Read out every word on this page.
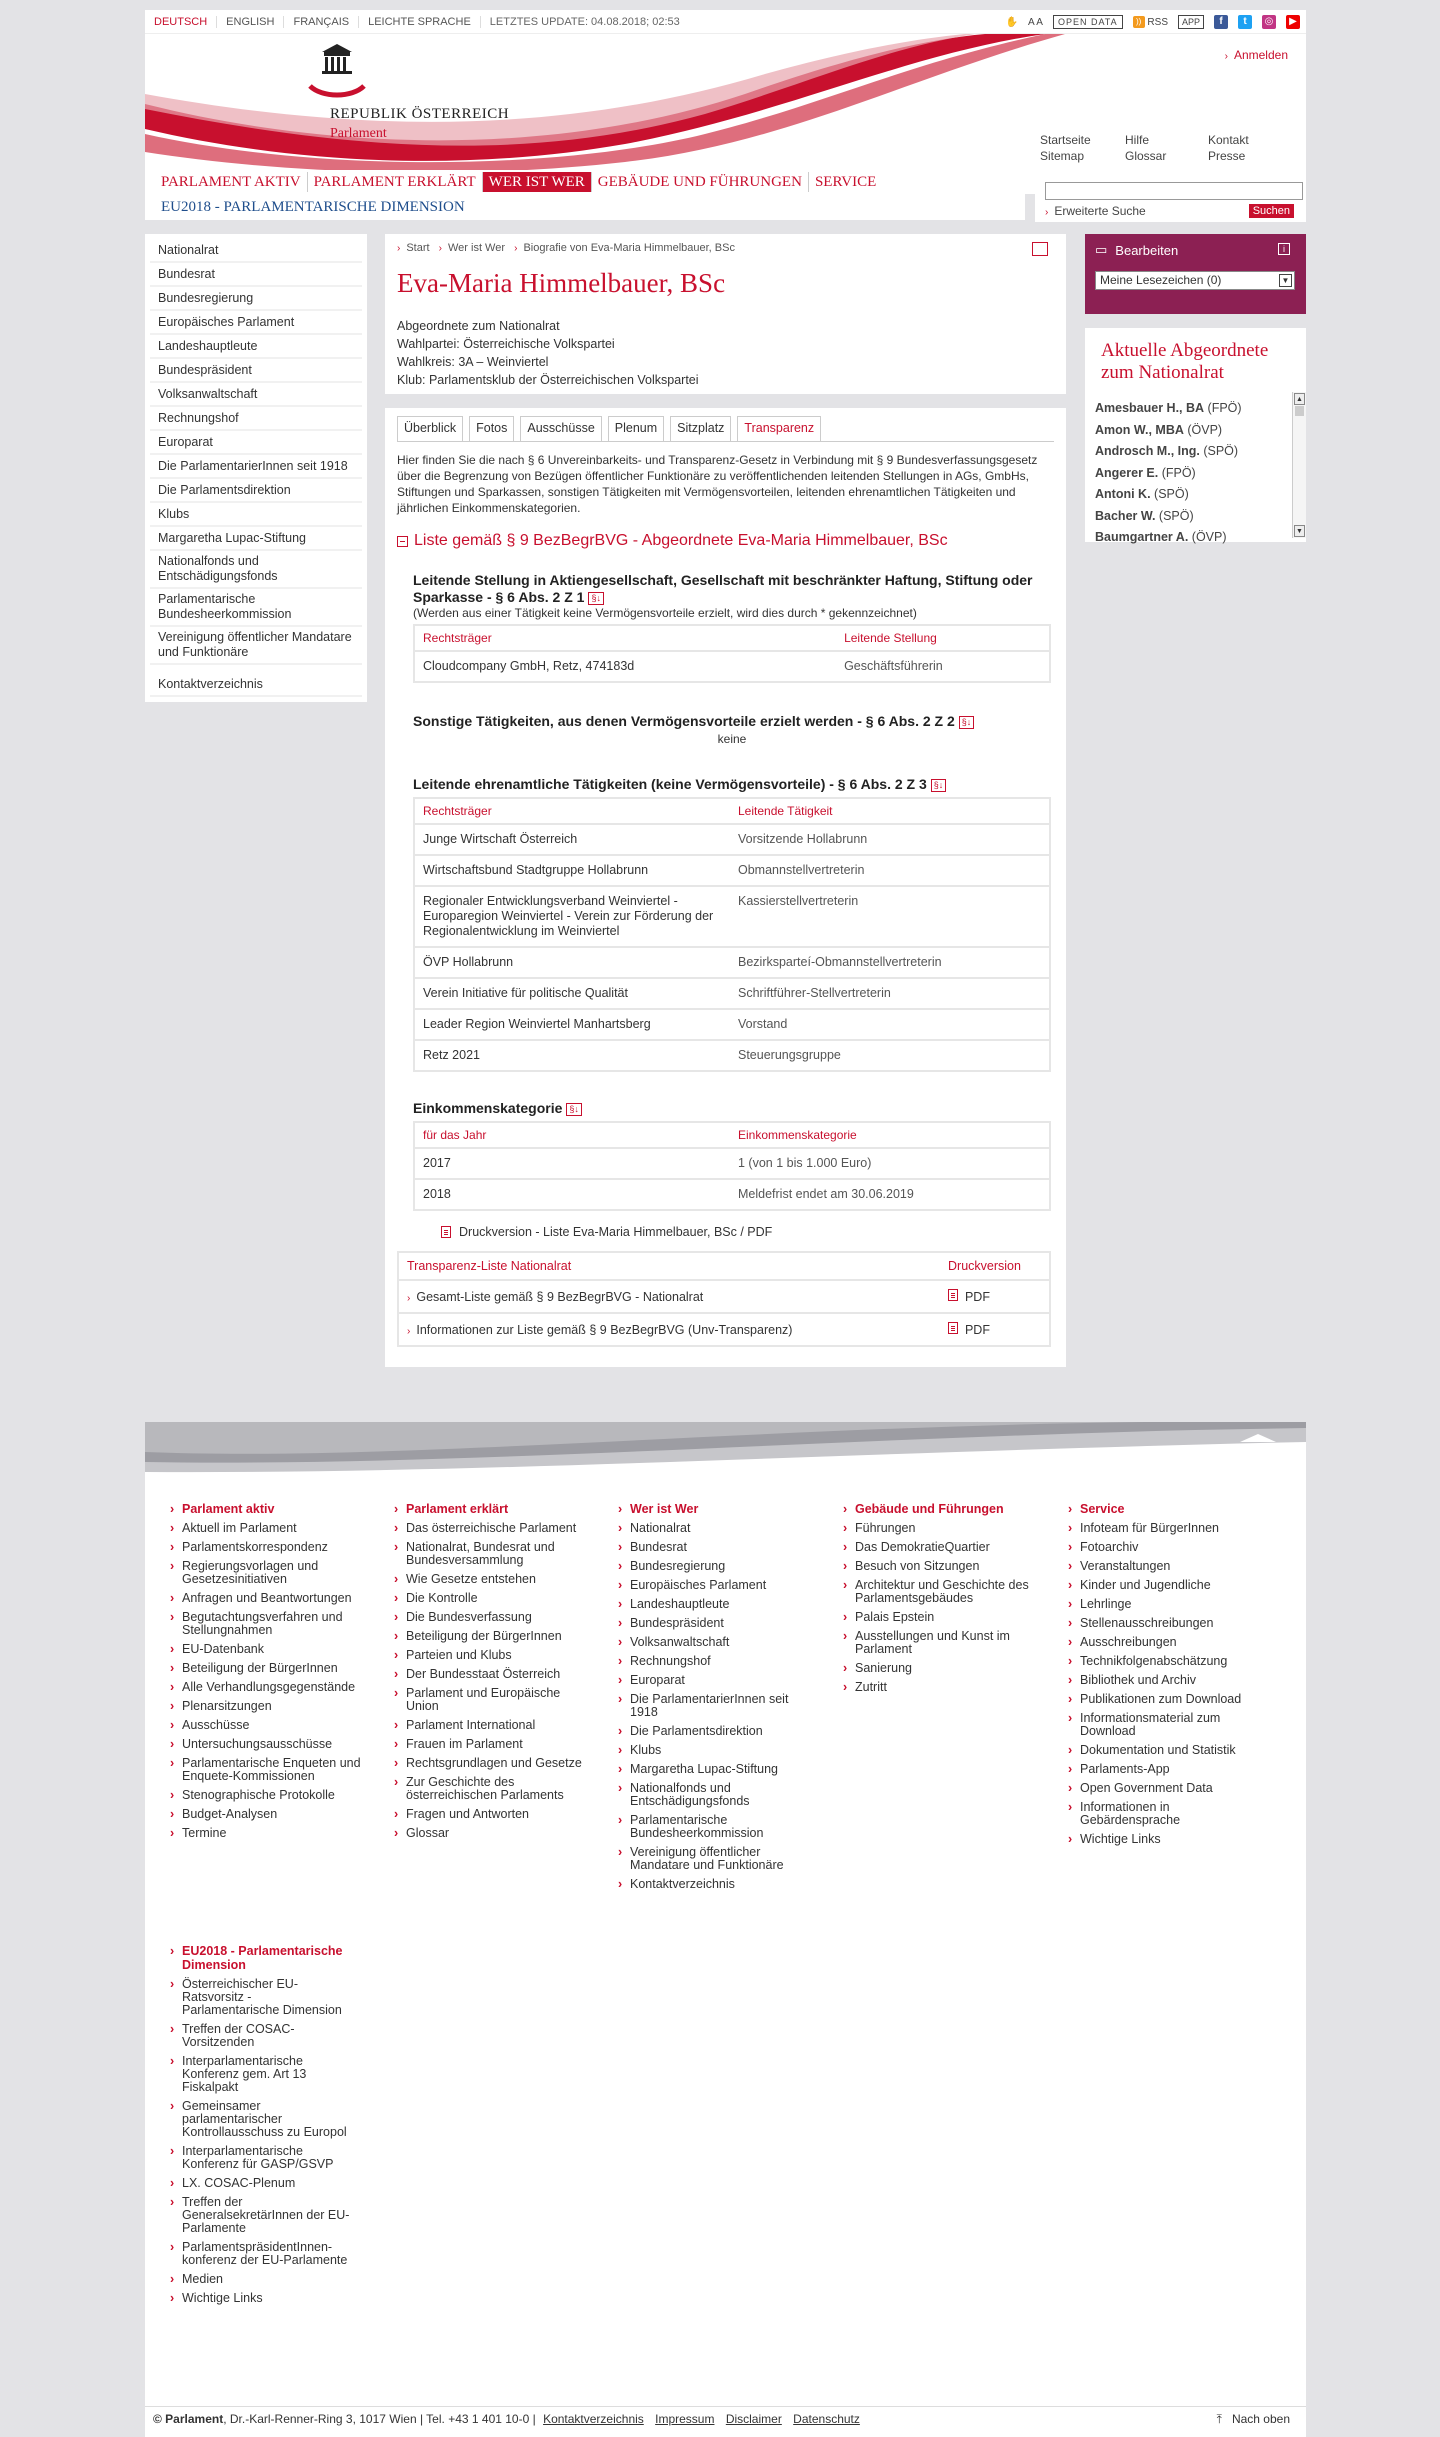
DEUTSCH	ENGLISH	FRANÇAIS	LEICHTE SPRACHE	LETZTES UPDATE: 04.08.2018; 02:53	✋ A A	OPEN DATA	))
RSS	APP	f	t	◎	▶
REPUBLIK ÖSTERREICH
Parlament
› Anmelden
Startseite
Sitemap
Hilfe
Glossar
Kontakt
Presse
PARLAMENT AKTIV PARLAMENT ERKLÄRT WER IST WER GEBÄUDE UND FÜHRUNGEN SERVICE
EU2018 - PARLAMENTARISCHE DIMENSION	› Erweiterte Suche	Suchen
Nationalrat
Bundesrat
Bundesregierung
Europäisches Parlament
Landeshauptleute
Bundespräsident
Volksanwaltschaft
Rechnungshof
Europarat
Die ParlamentarierInnen seit 1918
Die Parlamentsdirektion
Klubs
Margaretha Lupac-Stiftung
Nationalfonds und Entschädigungsfonds
Parlamentarische Bundesheerkommission
Vereinigung öffentlicher Mandatare und Funktionäre
Kontaktverzeichnis
› Start › Wer ist Wer › Biografie von Eva-Maria Himmelbauer, BSc
Eva-Maria Himmelbauer, BSc
Abgeordnete zum Nationalrat
Wahlpartei: Österreichische Volkspartei
Wahlkreis: 3A – Weinviertel
Klub: Parlamentsklub der Österreichischen Volkspartei
Überblick	Fotos	Ausschüsse	Plenum	Sitzplatz	Transparenz
Hier finden Sie die nach § 6 Unvereinbarkeits- und Transparenz-Gesetz in Verbindung mit § 9 Bundesverfassungsgesetz über die Begrenzung von Bezügen öffentlicher Funktionäre zu veröffentlichenden leitenden Stellungen in AGs, GmbHs, Stiftungen und Sparkassen, sonstigen Tätigkeiten mit Vermögensvorteilen, leitenden ehrenamtlichen Tätigkeiten und jährlichen Einkommenskategorien.
Liste gemäß § 9 BezBegrBVG - Abgeordnete Eva-Maria Himmelbauer, BSc
Leitende Stellung in Aktiengesellschaft, Gesellschaft mit beschränkter Haftung, Stiftung oder Sparkasse - § 6 Abs. 2 Z 1 §↓
(Werden aus einer Tätigkeit keine Vermögensvorteile erzielt, wird dies durch * gekennzeichnet)
Rechtsträger	Leitende Stellung
Cloudcompany GmbH, Retz, 474183d	Geschäftsführerin
Sonstige Tätigkeiten, aus denen Vermögensvorteile erzielt werden - § 6 Abs. 2 Z 2 §↓
keine
Leitende ehrenamtliche Tätigkeiten (keine Vermögensvorteile) - § 6 Abs. 2 Z 3 §↓
Rechtsträger	Leitende Tätigkeit
Junge Wirtschaft Österreich	Vorsitzende Hollabrunn
Wirtschaftsbund Stadtgruppe Hollabrunn	Obmannstellvertreterin
Regionaler Entwicklungsverband Weinviertel - Europaregion Weinviertel - Verein zur Förderung der Regionalentwicklung im Weinviertel	Kassierstellvertreterin
ÖVP Hollabrunn	Bezirksparteí-Obmannstellvertreterin
Verein Initiative für politische Qualität	Schriftführer-Stellvertreterin
Leader Region Weinviertel Manhartsberg	Vorstand
Retz 2021	Steuerungsgruppe
Einkommenskategorie §↓
für das Jahr	Einkommenskategorie
2017	1 (von 1 bis 1.000 Euro)
2018	Meldefrist endet am 30.06.2019
Druckversion - Liste Eva-Maria Himmelbauer, BSc / PDF
Transparenz-Liste Nationalrat	Druckversion
› Gesamt-Liste gemäß § 9 BezBegrBVG - Nationalrat	PDF
› Informationen zur Liste gemäß § 9 BezBegrBVG (Unv-Transparenz)	PDF
▭ Bearbeiten	i
Meine Lesezeichen (0)	▼
Aktuelle Abgeordnete zum Nationalrat
Amesbauer H., BA (FPÖ)
Amon W., MBA (ÖVP)
Androsch M., Ing. (SPÖ)
Angerer E. (FPÖ)
Antoni K. (SPÖ)
Bacher W. (SPÖ)
Baumgartner A. (ÖVP)
▲
▼
› Parlament aktiv
› Aktuell im Parlament
› Parlamentskorrespondenz
› Regierungsvorlagen und Gesetzesinitiativen
› Anfragen und Beantwortungen
› Begutachtungsverfahren und Stellungnahmen
› EU-Datenbank
› Beteiligung der BürgerInnen
› Alle Verhandlungsgegenstände
› Plenarsitzungen
› Ausschüsse
› Untersuchungsausschüsse
› Parlamentarische Enqueten und Enquete-Kommissionen
› Stenographische Protokolle
› Budget-Analysen
› Termine
› Parlament erklärt
› Das österreichische Parlament
› Nationalrat, Bundesrat und Bundesversammlung
› Wie Gesetze entstehen
› Die Kontrolle
› Die Bundesverfassung
› Beteiligung der BürgerInnen
› Parteien und Klubs
› Der Bundesstaat Österreich
› Parlament und Europäische Union
› Parlament International
› Frauen im Parlament
› Rechtsgrundlagen und Gesetze
› Zur Geschichte des österreichischen Parlaments
› Fragen und Antworten
› Glossar
› Wer ist Wer
› Nationalrat
› Bundesrat
› Bundesregierung
› Europäisches Parlament
› Landeshauptleute
› Bundespräsident
› Volksanwaltschaft
› Rechnungshof
› Europarat
› Die ParlamentarierInnen seit 1918
› Die Parlamentsdirektion
› Klubs
› Margaretha Lupac-Stiftung
› Nationalfonds und Entschädigungsfonds
› Parlamentarische Bundesheerkommission
› Vereinigung öffentlicher Mandatare und Funktionäre
› Kontaktverzeichnis
› Gebäude und Führungen
› Führungen
› Das DemokratieQuartier
› Besuch von Sitzungen
› Architektur und Geschichte des Parlamentsgebäudes
› Palais Epstein
› Ausstellungen und Kunst im Parlament
› Sanierung
› Zutritt
› Service
› Infoteam für BürgerInnen
› Fotoarchiv
› Veranstaltungen
› Kinder und Jugendliche
› Lehrlinge
› Stellenausschreibungen
› Ausschreibungen
› Technikfolgenabschätzung
› Bibliothek und Archiv
› Publikationen zum Download
› Informationsmaterial zum Download
› Dokumentation und Statistik
› Parlaments-App
› Open Government Data
› Informationen in Gebärdensprache
› Wichtige Links
› EU2018 - Parlamentarische Dimension
› Österreichischer EU-Ratsvorsitz - Parlamentarische Dimension
› Treffen der COSAC-Vorsitzenden
› Interparlamentarische Konferenz gem. Art 13 Fiskalpakt
› Gemeinsamer parlamentarischer Kontrollausschuss zu Europol
› Interparlamentarische Konferenz für GASP/GSVP
› LX. COSAC-Plenum
› Treffen der GeneralsekretärInnen der EU-Parlamente
› ParlamentspräsidentInnen-konferenz der EU-Parlamente
› Medien
› Wichtige Links
© Parlament, Dr.-Karl-Renner-Ring 3, 1017 Wien | Tel. +43 1 401 10-0 | Kontaktverzeichnis Impressum Disclaimer Datenschutz	⤒ Nach oben
